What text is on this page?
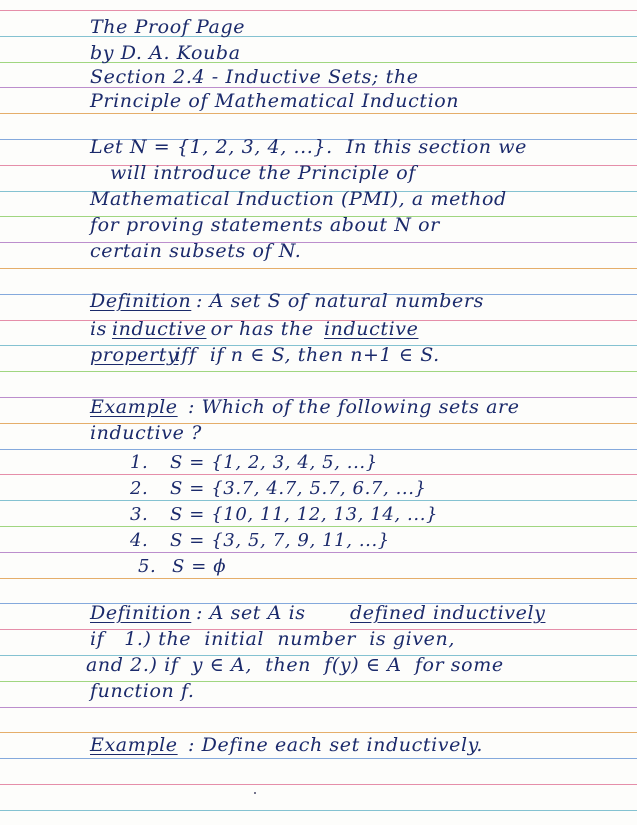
The Proof Page
by D. A. Kouba
Section 2.4 - Inductive Sets; the
Principle of Mathematical Induction
Let N = {1, 2, 3, 4, ...}.  In this section we
will introduce the Principle of
Mathematical Induction (PMI), a method
for proving statements about N or
certain subsets of N.
Definition : A set S of natural numbers
is
inductive
or has the inductive
property
iff  if n ∈ S, then n+1 ∈ S.
Example : Which of the following sets are
inductive ?
1. S = {1, 2, 3, 4, 5, ...}
2. S = {3.7, 4.7, 5.7, 6.7, ...}
3. S = {10, 11, 12, 13, 14, ...}
4. S = {3, 5, 7, 9, 11, ...}
5. S = ϕ
Definition : A set A is defined inductively
if   1.) the  initial  number  is given,
and 2.) if  y ∈ A,  then  f(y) ∈ A  for some
function f.
Example : Define each set inductively.
